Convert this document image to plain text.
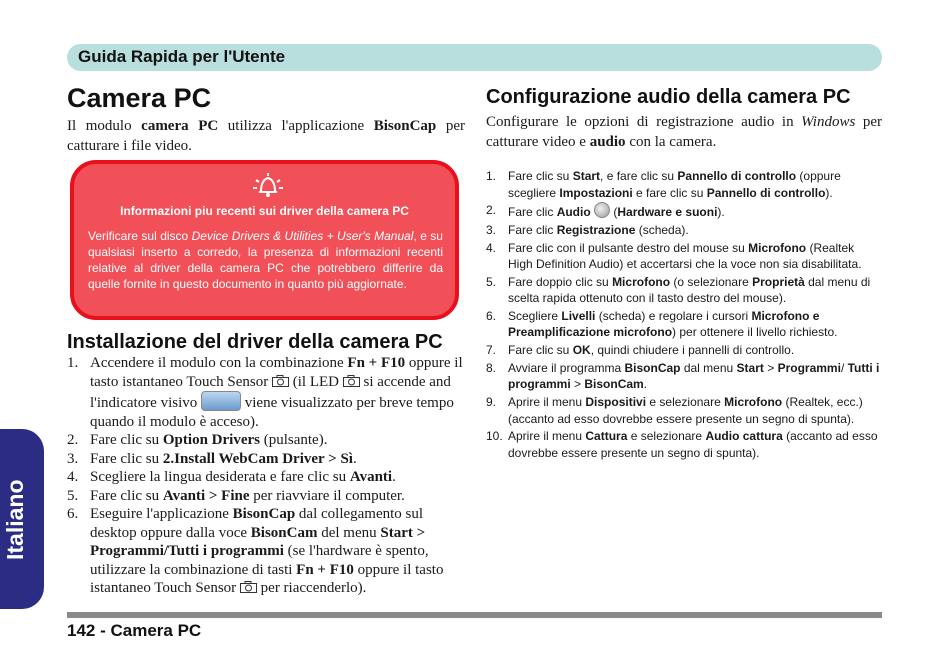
Guida Rapida per l'Utente
Italiano
Camera PC
Il modulo camera PC utilizza l'applicazione BisonCap per catturare i file video.
Informazioni piu recenti sui driver della camera PC
Verificare sul disco Device Drivers & Utilities + User's Manual, e su qualsiasi inserto a corredo, la presenza di informazioni recenti relative al driver della camera PC che potrebbero differire da quelle fornite in questo documento in quanto più aggiornate.
Installazione del driver della camera PC
1. Accendere il modulo con la combinazione Fn + F10 oppure il tasto istantaneo Touch Sensor  (il LED  si accende and l'indicatore visivo	viene visualizzato per breve tempo quando il modulo è acceso).
2. Fare clic su Option Drivers (pulsante).
3. Fare clic su 2.Install WebCam Driver > Sì.
4. Scegliere la lingua desiderata e fare clic su Avanti.
5. Fare clic su Avanti > Fine per riavviare il computer.
6. Eseguire l'applicazione BisonCap dal collegamento sul desktop oppure dalla voce BisonCam del menu Start > Programmi/Tutti i programmi (se l'hardware è spento, utilizzare la combinazione di tasti Fn + F10 oppure il tasto istantaneo Touch Sensor  per riaccenderlo).
Configurazione audio della camera PC
Configurare le opzioni di registrazione audio in Windows per catturare video e audio con la camera.
1. Fare clic su Start, e fare clic su Pannello di controllo (oppure scegliere Impostazioni e fare clic su Pannello di controllo).
2. Fare clic Audio  (Hardware e suoni).
3. Fare clic Registrazione (scheda).
4. Fare clic con il pulsante destro del mouse su Microfono (Realtek High Definition Audio) et accertarsi che la voce non sia disabilitata.
5. Fare doppio clic su Microfono (o selezionare Proprietà dal menu di scelta rapida ottenuto con il tasto destro del mouse).
6. Scegliere Livelli (scheda) e regolare i cursori Microfono e Preamplificazione microfono) per ottenere il livello richiesto.
7. Fare clic su OK, quindi chiudere i pannelli di controllo.
8. Avviare il programma BisonCap dal menu Start > Programmi/ Tutti i programmi > BisonCam.
9. Aprire il menu Dispositivi e selezionare Microfono (Realtek, ecc.) (accanto ad esso dovrebbe essere presente un segno di spunta).
10. Aprire il menu Cattura e selezionare Audio cattura (accanto ad esso dovrebbe essere presente un segno di spunta).
142 - Camera PC
